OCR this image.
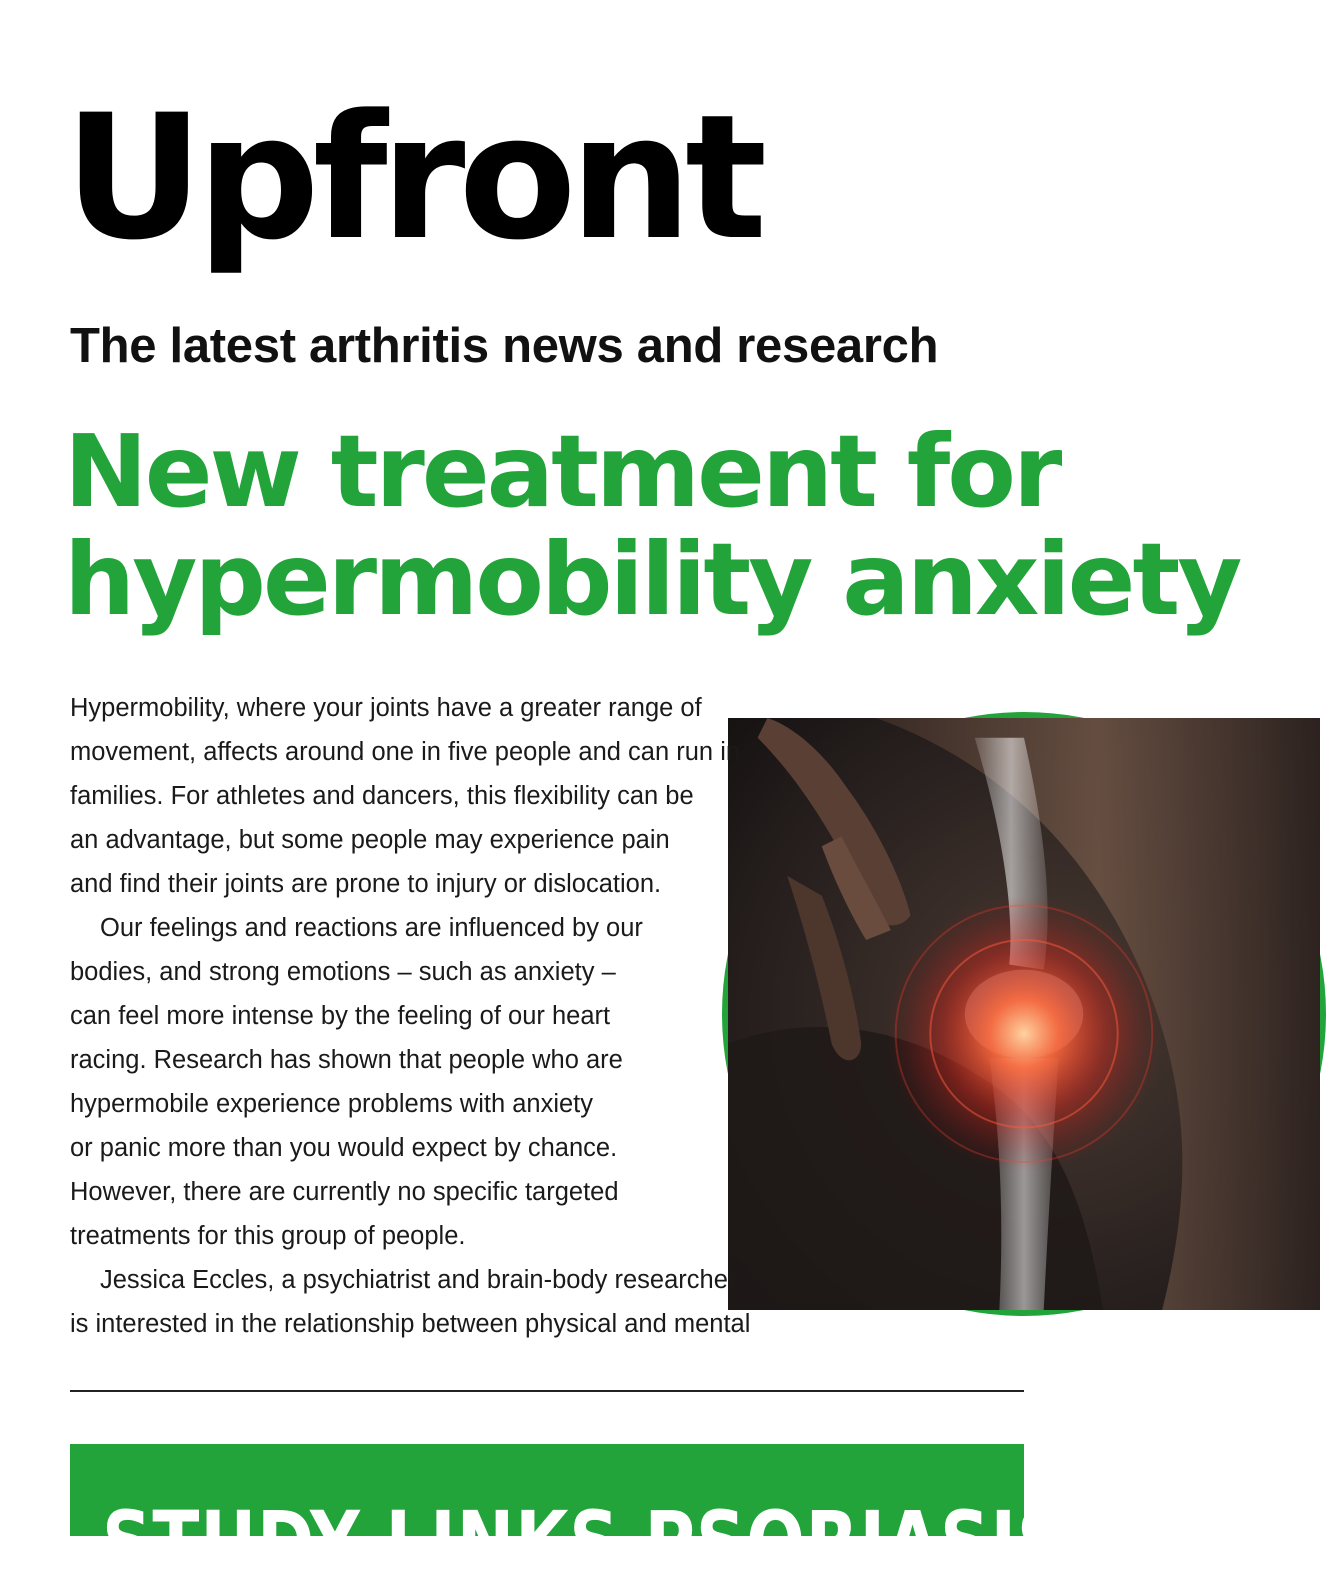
Upfront
The latest arthritis news and research
New treatment for
hypermobility anxiety
Hypermobility, where your joints have a greater range of
movement, affects around one in five people and can run in
families. For athletes and dancers, this flexibility can be
an advantage, but some people may experience pain
and find their joints are prone to injury or dislocation.
Our feelings and reactions are influenced by our
bodies, and strong emotions – such as anxiety –
can feel more intense by the feeling of our heart
racing. Research has shown that people who are
hypermobile experience problems with anxiety
or panic more than you would expect by chance.
However, there are currently no specific targeted
treatments for this group of people.
Jessica Eccles, a psychiatrist and brain-body researcher,
is interested in the relationship between physical and mental
STUDY LINKS PSORIASIS RISK
